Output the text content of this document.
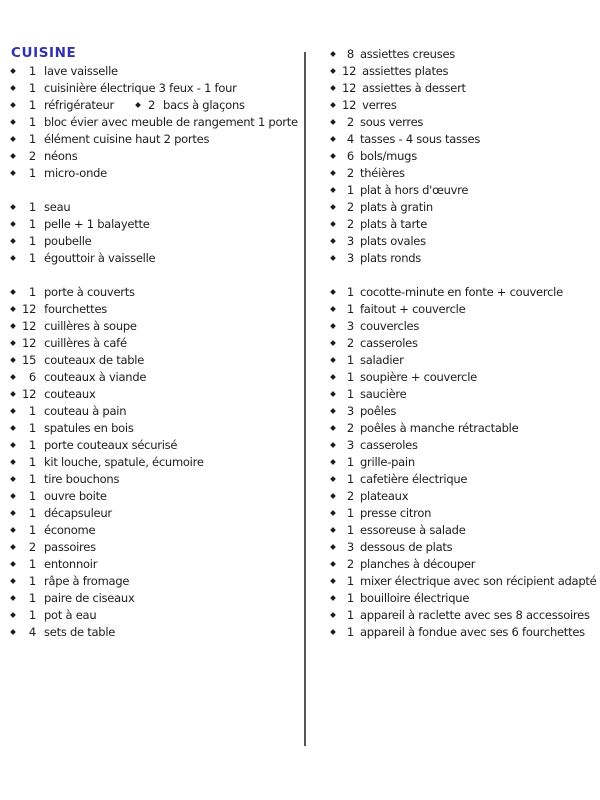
CUISINE
1 lave vaisselle
1 cuisinière électrique 3 feux - 1 four
1 réfrigérateur	2 bacs à glaçons
1 bloc évier avec meuble de rangement 1 porte
1 élément cuisine haut 2 portes
2 néons
1 micro-onde
1 seau
1 pelle + 1 balayette
1 poubelle
1 égouttoir à vaisselle
1 porte à couverts
12 fourchettes
12 cuillères à soupe
12 cuillères à café
15 couteaux de table
6 couteaux à viande
12 couteaux
1 couteau à pain
1 spatules en bois
1 porte couteaux sécurisé
1 kit louche, spatule, écumoire
1 tire bouchons
1 ouvre boite
1 décapsuleur
1 économe
2 passoires
1 entonnoir
1 râpe à fromage
1 paire de ciseaux
1 pot à eau
4 sets de table
8 assiettes creuses
12 assiettes plates
12 assiettes à dessert
12 verres
2 sous verres
4 tasses - 4 sous tasses
6 bols/mugs
2 théières
1 plat à hors d'œuvre
2 plats à gratin
2 plats à tarte
3 plats ovales
3 plats ronds
1 cocotte-minute en fonte + couvercle
1 faitout + couvercle
3 couvercles
2 casseroles
1 saladier
1 soupière + couvercle
1 saucière
3 poêles
2 poêles à manche rétractable
3 casseroles
1 grille-pain
1 cafetière électrique
2 plateaux
1 presse citron
1 essoreuse à salade
3 dessous de plats
2 planches à découper
1 mixer électrique avec son récipient adapté
1 bouilloire électrique
1 appareil à raclette avec ses 8 accessoires
1 appareil à fondue avec ses 6 fourchettes
